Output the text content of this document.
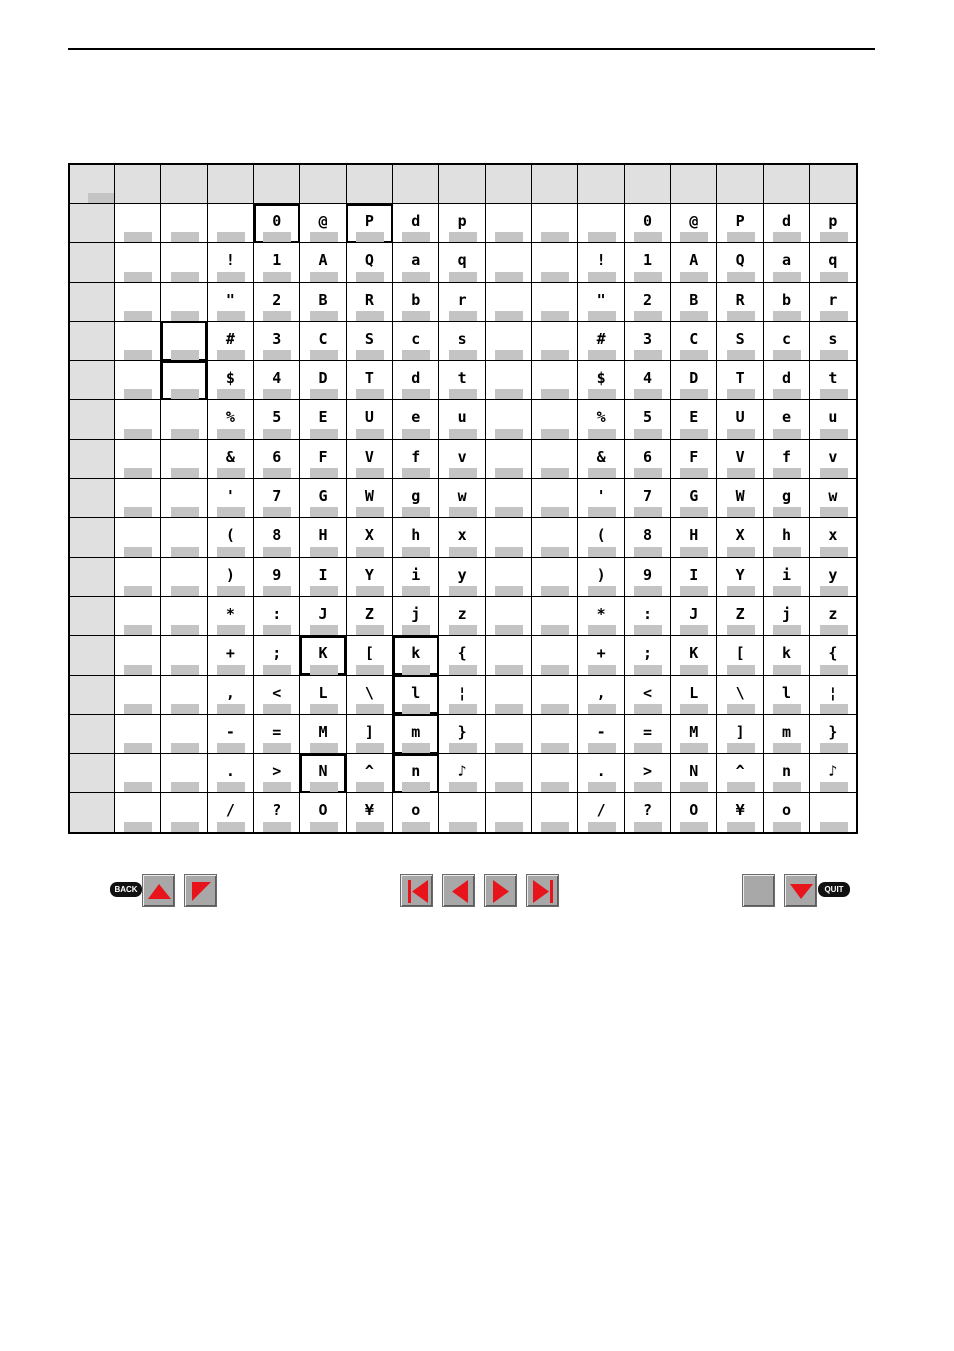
				0	@	P	d	p				0	@	P	d	p

			!	1	A	Q	a	q			!	1	A	Q	a	q

			"	2	B	R	b	r			"	2	B	R	b	r

			#	3	C	S	c	s			#	3	C	S	c	s

			$	4	D	T	d	t			$	4	D	T	d	t

			%	5	E	U	e	u			%	5	E	U	e	u

			&	6	F	V	f	v			&	6	F	V	f	v

			'	7	G	W	g	w			'	7	G	W	g	w

			(	8	H	X	h	x			(	8	H	X	h	x

			)	9	I	Y	i	y			)	9	I	Y	i	y

			*	:	J	Z	j	z			*	:	J	Z	j	z

			+	;	K	[	k	{			+	;	K	[	k	{

			,	<	L	\	l	¦			,	<	L	\	l	¦

			-	=	M	]	m	}			-	=	M	]	m	}

			.	>	N	^	n	♪			.	>	N	^	n	♪

			/	?	O	¥	o				/	?	O	¥	o	

BACK	QUIT
